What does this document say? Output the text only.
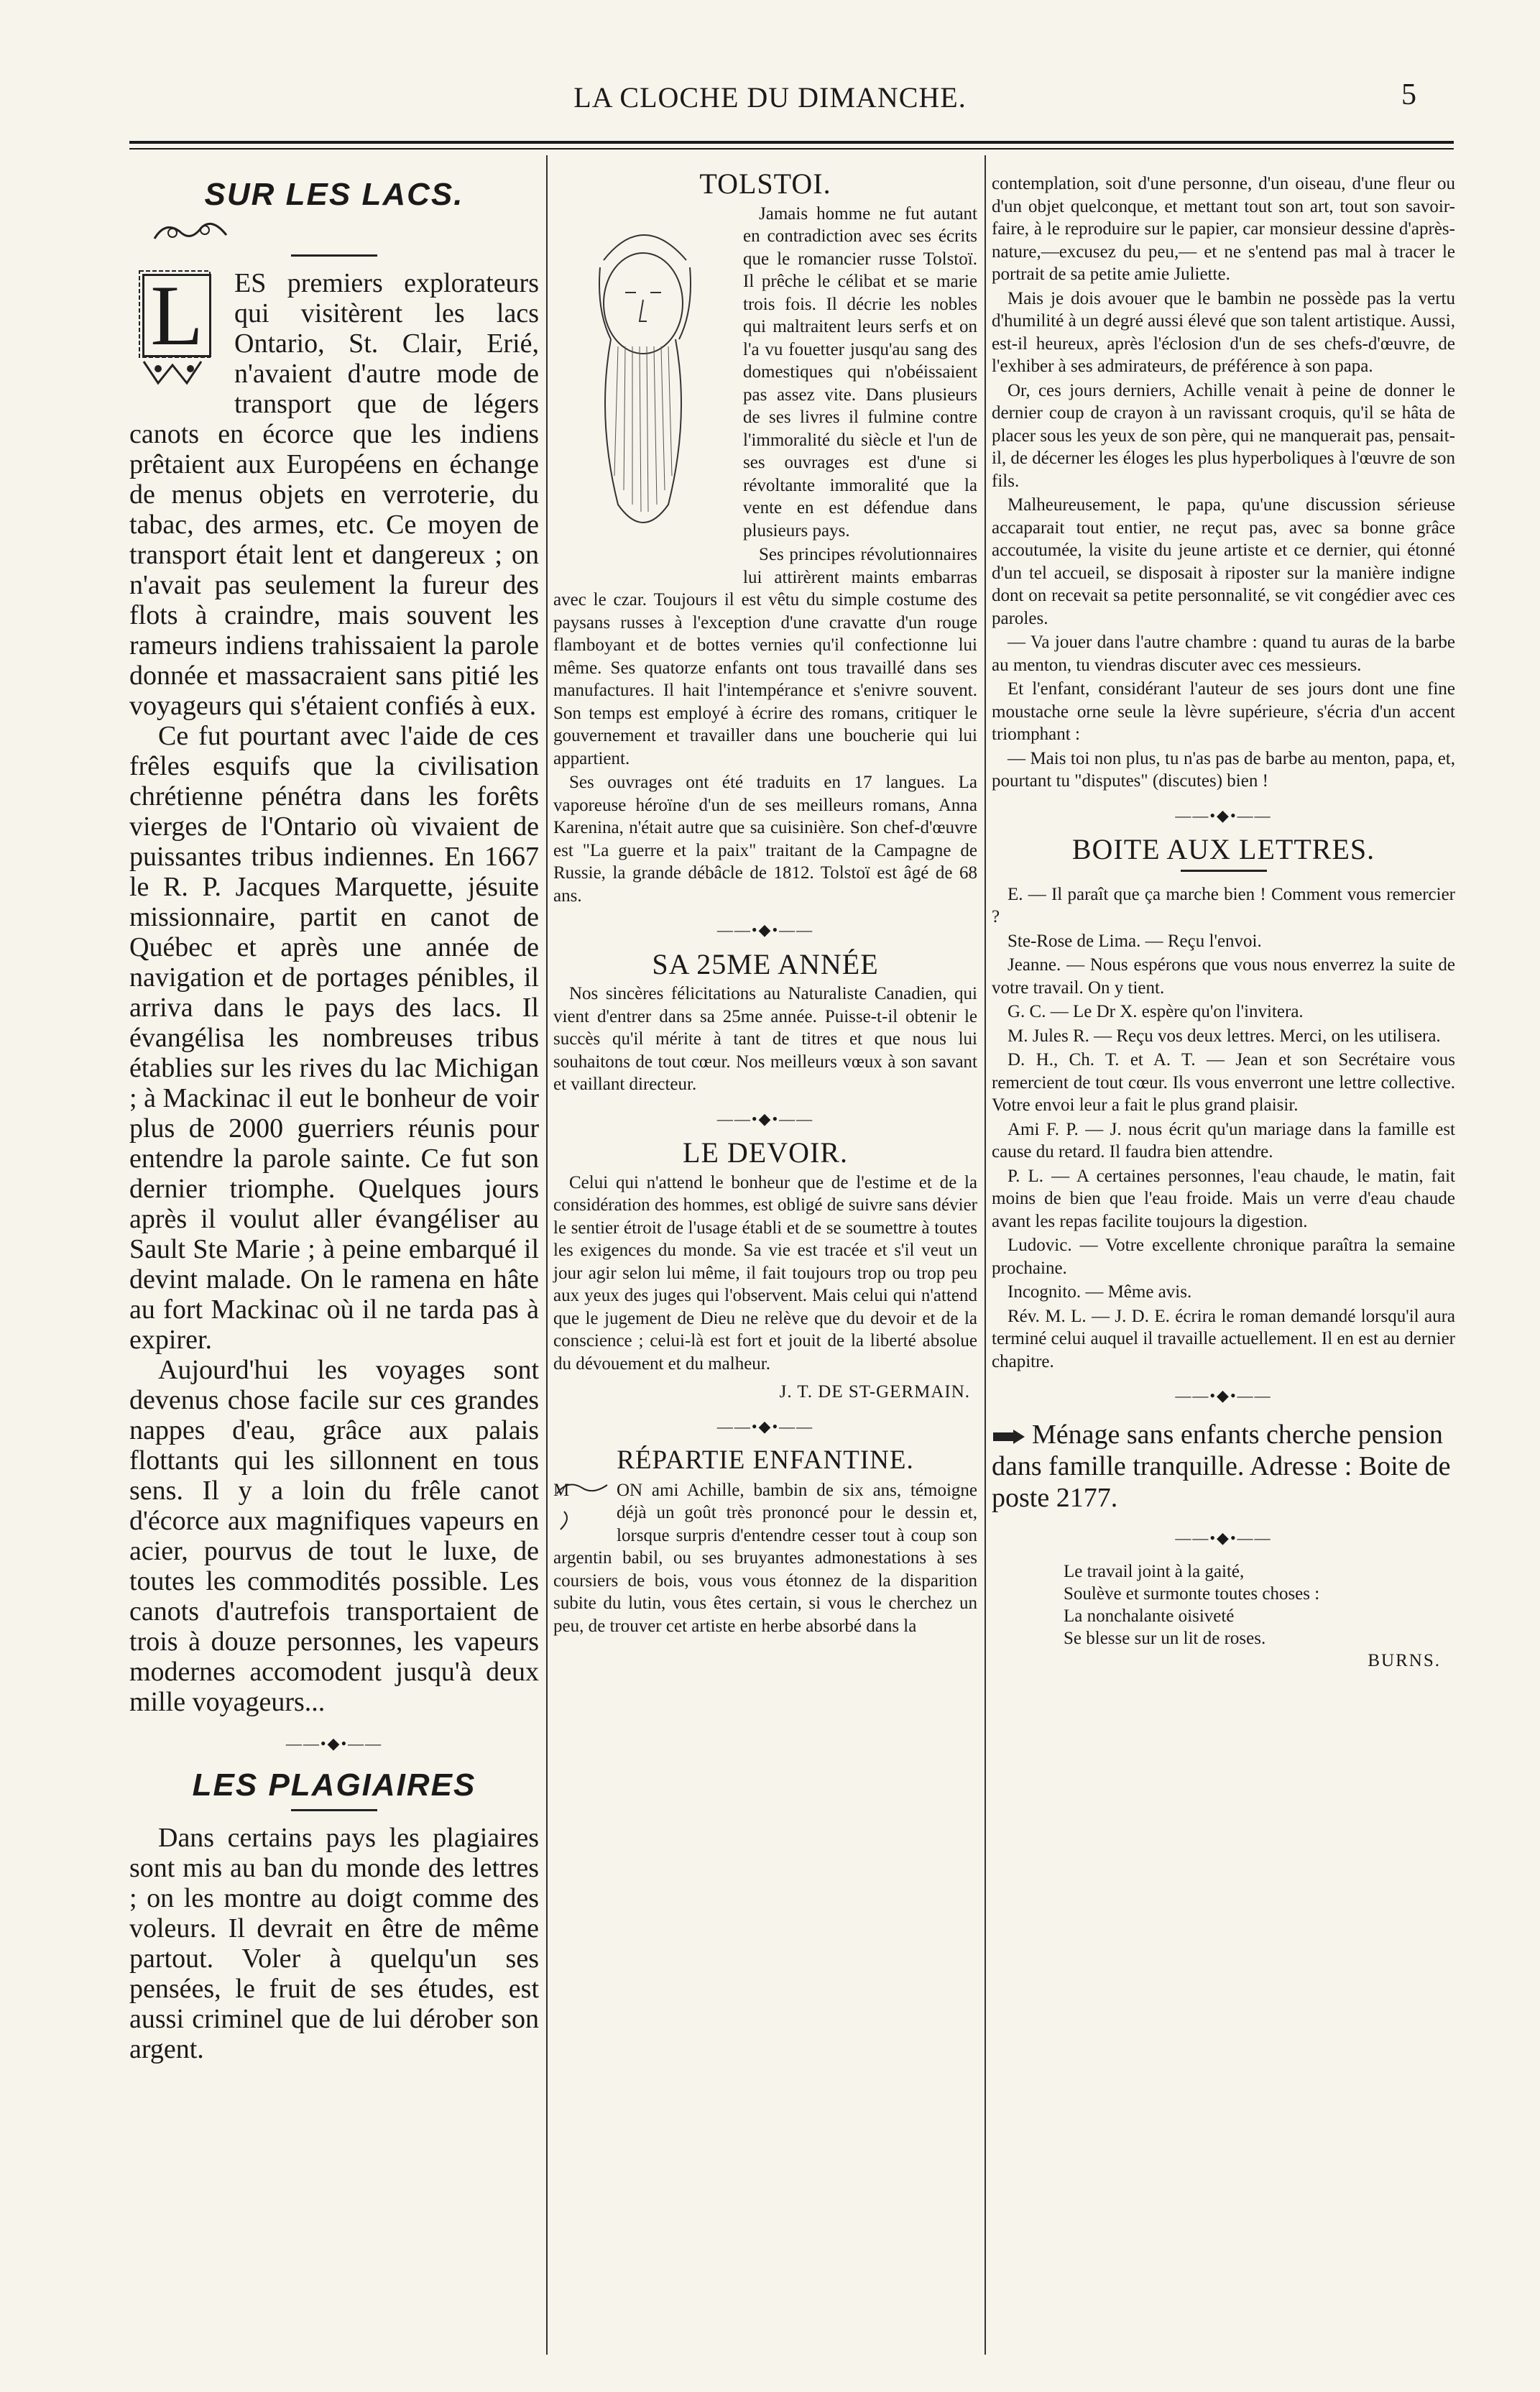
LA CLOCHE DU DIMANCHE.	5
SUR LES LACS.
L	ES premiers explorateurs qui visitèrent les lacs Ontario, St. Clair, Erié, n'avaient d'autre mode de transport que de légers canots en écorce que les indiens prêtaient aux Européens en échange de menus objets en verroterie, du tabac, des armes, etc. Ce moyen de transport était lent et dangereux ; on n'avait pas seulement la fureur des flots à craindre, mais souvent les rameurs indiens trahissaient la parole donnée et massacraient sans pitié les voyageurs qui s'étaient confiés à eux.

Ce fut pourtant avec l'aide de ces frêles esquifs que la civilisation chrétienne pénétra dans les forêts vierges de l'Ontario où vivaient de puissantes tribus indiennes. En 1667 le R. P. Jacques Marquette, jésuite missionnaire, partit en canot de Québec et après une année de navigation et de portages pénibles, il arriva dans le pays des lacs. Il évangélisa les nombreuses tribus établies sur les rives du lac Michigan ; à Mackinac il eut le bonheur de voir plus de 2000 guerriers réunis pour entendre la parole sainte. Ce fut son dernier triomphe. Quelques jours après il voulut aller évangéliser au Sault Ste Marie ; à peine embarqué il devint malade. On le ramena en hâte au fort Mackinac où il ne tarda pas à expirer.

Aujourd'hui les voyages sont devenus chose facile sur ces grandes nappes d'eau, grâce aux palais flottants qui les sillonnent en tous sens. Il y a loin du frêle canot d'écorce aux magnifiques vapeurs en acier, pourvus de tout le luxe, de toutes les commodités possible. Les canots d'autrefois transportaient de trois à douze personnes, les vapeurs modernes accomodent jusqu'à deux mille voyageurs...

——•◆•——
LES PLAGIAIRES

Dans certains pays les plagiaires sont mis au ban du monde des lettres ; on les montre au doigt comme des voleurs. Il devrait en être de même partout. Voler à quelqu'un ses pensées, le fruit de ses études, est aussi criminel que de lui dérober son argent.

TOLSTOI.

Jamais homme ne fut autant en contradiction avec ses écrits que le romancier russe Tolstoï. Il prêche le célibat et se marie trois fois. Il décrie les nobles qui maltraitent leurs serfs et on l'a vu fouetter jusqu'au sang des domestiques qui n'obéissaient pas assez vite. Dans plusieurs de ses livres il fulmine contre l'immoralité du siècle et l'un de ses ouvrages est d'une si révoltante immoralité que la vente en est défendue dans plusieurs pays.

Ses principes révolutionnaires lui attirèrent maints embarras avec le czar. Toujours il est vêtu du simple costume des paysans russes à l'exception d'une cravatte d'un rouge flamboyant et de bottes vernies qu'il confectionne lui même. Ses quatorze enfants ont tous travaillé dans ses manufactures. Il hait l'intempérance et s'enivre souvent. Son temps est employé à écrire des romans, critiquer le gouvernement et travailler dans une boucherie qui lui appartient.

Ses ouvrages ont été traduits en 17 langues. La vaporeuse héroïne d'un de ses meilleurs romans, Anna Karenina, n'était autre que sa cuisinière. Son chef-d'œuvre est "La guerre et la paix" traitant de la Campagne de Russie, la grande débâcle de 1812. Tolstoï est âgé de 68 ans.

——•◆•——
SA 25ME ANNÉE

Nos sincères félicitations au Naturaliste Canadien, qui vient d'entrer dans sa 25me année. Puisse-t-il obtenir le succès qu'il mérite à tant de titres et que nous lui souhaitons de tout cœur. Nos meilleurs vœux à son savant et vaillant directeur.

——•◆•——
LE DEVOIR.

Celui qui n'attend le bonheur que de l'estime et de la considération des hommes, est obligé de suivre sans dévier le sentier étroit de l'usage établi et de se soumettre à toutes les exigences du monde. Sa vie est tracée et s'il veut un jour agir selon lui même, il fait toujours trop ou trop peu aux yeux des juges qui l'observent. Mais celui qui n'attend que le jugement de Dieu ne relève que du devoir et de la conscience ; celui-là est fort et jouit de la liberté absolue du dévouement et du malheur.

J. T. DE ST-GERMAIN.
——•◆•——
RÉPARTIE ENFANTINE.
M	ON ami Achille, bambin de six ans, témoigne déjà un goût très prononcé pour le dessin et, lorsque surpris d'entendre cesser tout à coup son argentin babil, ou ses bruyantes admonestations à ses coursiers de bois, vous vous étonnez de la disparition subite du lutin, vous êtes certain, si vous le cherchez un peu, de trouver cet artiste en herbe absorbé dans la

contemplation, soit d'une personne, d'un oiseau, d'une fleur ou d'un objet quelconque, et mettant tout son art, tout son savoir-faire, à le reproduire sur le papier, car monsieur dessine d'après-nature,—excusez du peu,— et ne s'entend pas mal à tracer le portrait de sa petite amie Juliette.

Mais je dois avouer que le bambin ne possède pas la vertu d'humilité à un degré aussi élevé que son talent artistique. Aussi, est-il heureux, après l'éclosion d'un de ses chefs-d'œuvre, de l'exhiber à ses admirateurs, de préférence à son papa.

Or, ces jours derniers, Achille venait à peine de donner le dernier coup de crayon à un ravissant croquis, qu'il se hâta de placer sous les yeux de son père, qui ne manquerait pas, pensait-il, de décerner les éloges les plus hyperboliques à l'œuvre de son fils.

Malheureusement, le papa, qu'une discussion sérieuse accaparait tout entier, ne reçut pas, avec sa bonne grâce accoutumée, la visite du jeune artiste et ce dernier, qui étonné d'un tel accueil, se disposait à riposter sur la manière indigne dont on recevait sa petite personnalité, se vit congédier avec ces paroles.

— Va jouer dans l'autre chambre : quand tu auras de la barbe au menton, tu viendras discuter avec ces messieurs.

Et l'enfant, considérant l'auteur de ses jours dont une fine moustache orne seule la lèvre supérieure, s'écria d'un accent triomphant :

— Mais toi non plus, tu n'as pas de barbe au menton, papa, et, pourtant tu "disputes" (discutes) bien !

——•◆•——
BOITE AUX LETTRES.

E. — Il paraît que ça marche bien ! Comment vous remercier ?

Ste-Rose de Lima. — Reçu l'envoi.

Jeanne. — Nous espérons que vous nous enverrez la suite de votre travail. On y tient.

G. C. — Le Dr X. espère qu'on l'invitera.

M. Jules R. — Reçu vos deux lettres. Merci, on les utilisera.

D. H., Ch. T. et A. T. — Jean et son Secrétaire vous remercient de tout cœur. Ils vous enverront une lettre collective. Votre envoi leur a fait le plus grand plaisir.

Ami F. P. — J. nous écrit qu'un mariage dans la famille est cause du retard. Il faudra bien attendre.

P. L. — A certaines personnes, l'eau chaude, le matin, fait moins de bien que l'eau froide. Mais un verre d'eau chaude avant les repas facilite toujours la digestion.

Ludovic. — Votre excellente chronique paraîtra la semaine prochaine.

Incognito. — Même avis.

Rév. M. L. — J. D. E. écrira le roman demandé lorsqu'il aura terminé celui auquel il travaille actuellement. Il en est au dernier chapitre.

——•◆•——
Ménage sans enfants cherche pension dans famille tranquille. Adresse : Boite de poste 2177.
——•◆•——
Le travail joint à la gaité,
Soulève et surmonte toutes choses :
La nonchalante oisiveté
Se blesse sur un lit de roses.
BURNS.
